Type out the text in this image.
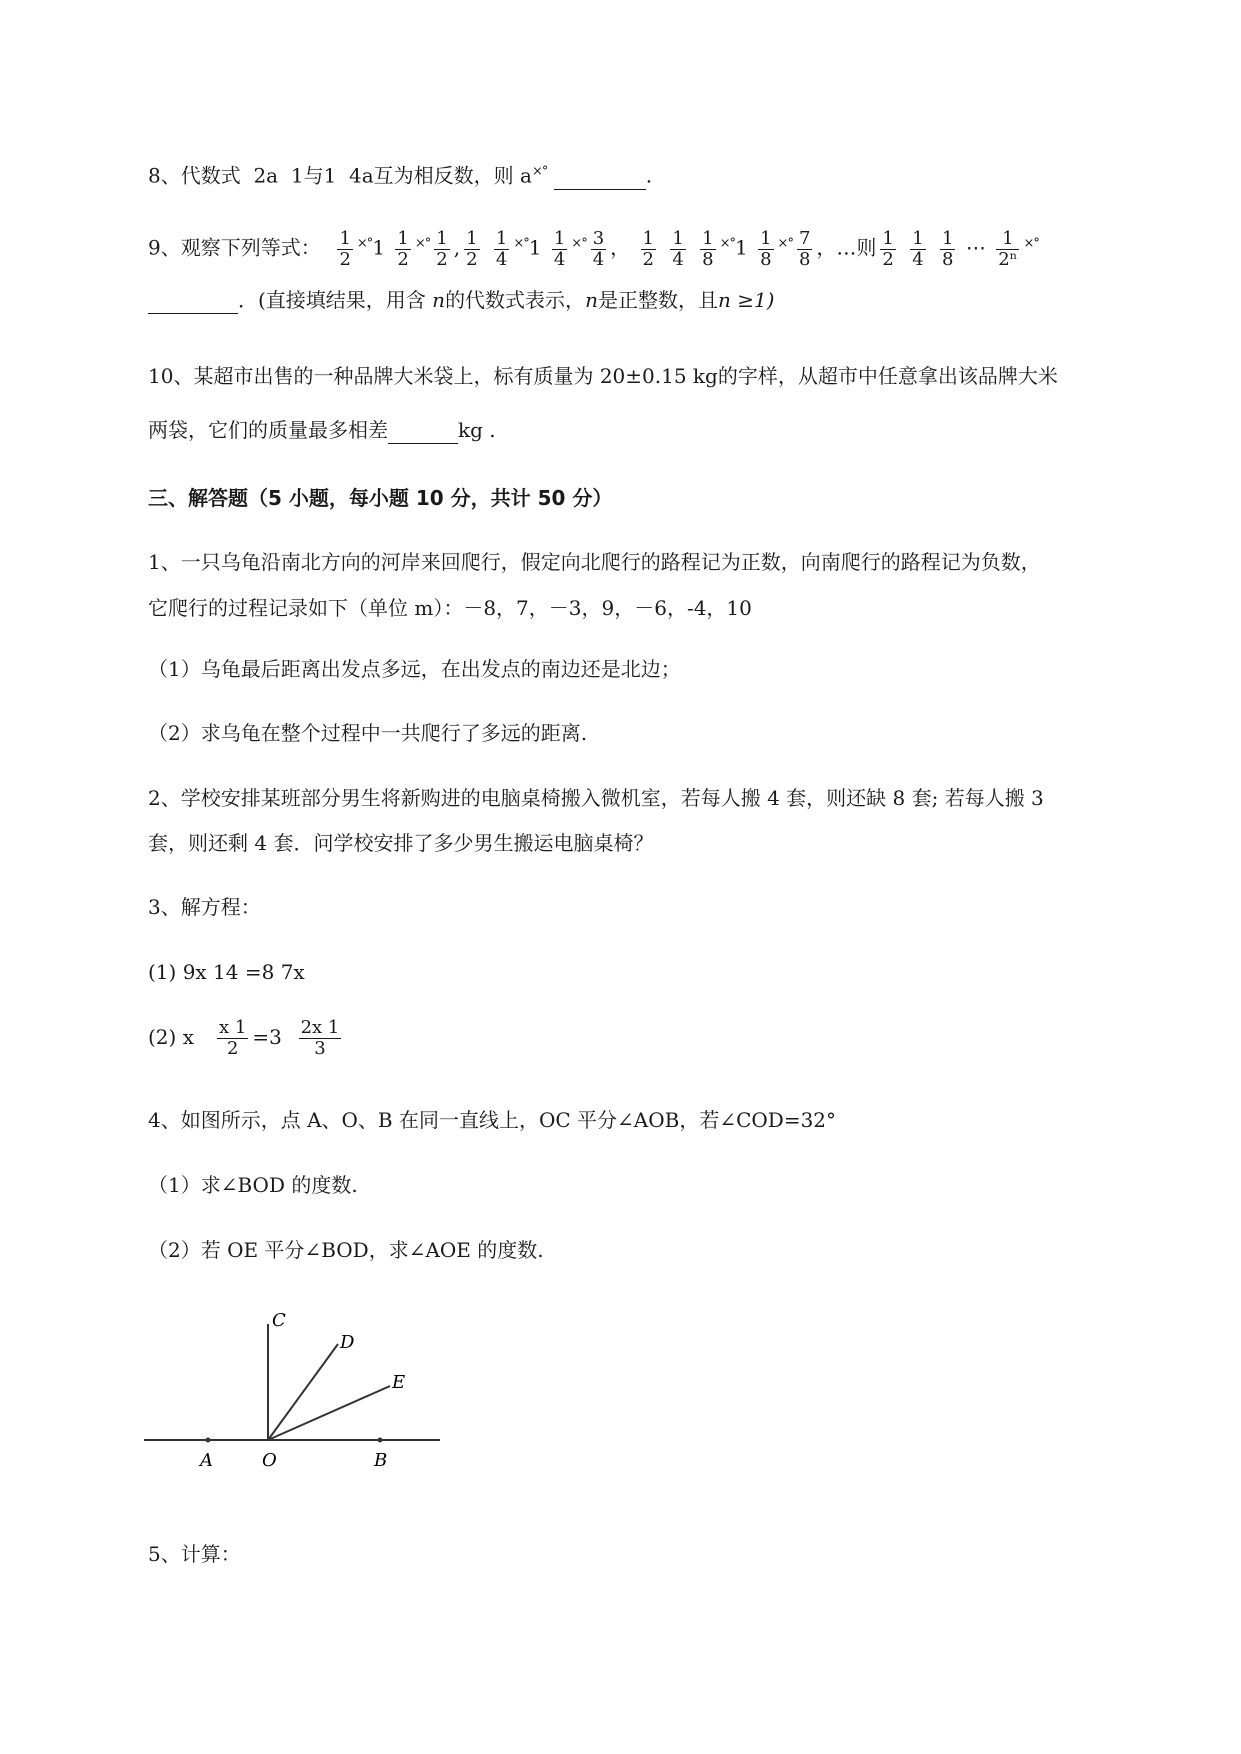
8、代数式 2a 1与1 4a互为相反数，则 a×°	.
9、观察下列等式： $\frac{1}{2} ^{\times^\circ}1 \frac{1}{2} ^{\times^\circ} \frac{1}{2}$ , $\frac{1}{2}$
$\frac{1}{4} ^{\times^\circ}1 \frac{1}{4} ^{\times^\circ} \frac{3}{4}$ ， $\frac{1}{2}$
$\frac{1}{4}$
$\frac{1}{8} ^{\times^\circ}1 \frac{1}{8} ^{\times^\circ} \frac{7}{8}$ ，…则 $\frac{1}{2}$
$\frac{1}{4}$
$\frac{1}{8}$ ⋯ $\frac{1}{\text{2ⁿ}} ^{\times^\circ}$
．(直接填结果，用含 n的代数式表示，n是正整数，且n ≥1)
10、某超市出售的一种品牌大米袋上，标有质量为 20±0.15 kg的字样，从超市中任意拿出该品牌大米
两袋，它们的质量最多相差	kg .
三、解答题（5 小题，每小题 10 分，共计 50 分）
1、一只乌龟沿南北方向的河岸来回爬行，假定向北爬行的路程记为正数，向南爬行的路程记为负数，
它爬行的过程记录如下（单位 m）：－8，7，－3，9，－6，-4，10
（1）乌龟最后距离出发点多远，在出发点的南边还是北边；
（2）求乌龟在整个过程中一共爬行了多远的距离.
2、学校安排某班部分男生将新购进的电脑桌椅搬入微机室，若每人搬 4 套，则还缺 8 套; 若每人搬 3
套，则还剩 4 套．问学校安排了多少男生搬运电脑桌椅？
3、解方程：
(1) 9x 14 =8 7x
(2) x $\frac{x 1}{2} =3 \frac{2x 1}{3}$
4、如图所示，点 A、O、B 在同一直线上，OC 平分∠AOB，若∠COD=32°
（1）求∠BOD 的度数.
（2）若 OE 平分∠BOD，求∠AOE 的度数.
C
D
E
A	O	B
5、计算：
